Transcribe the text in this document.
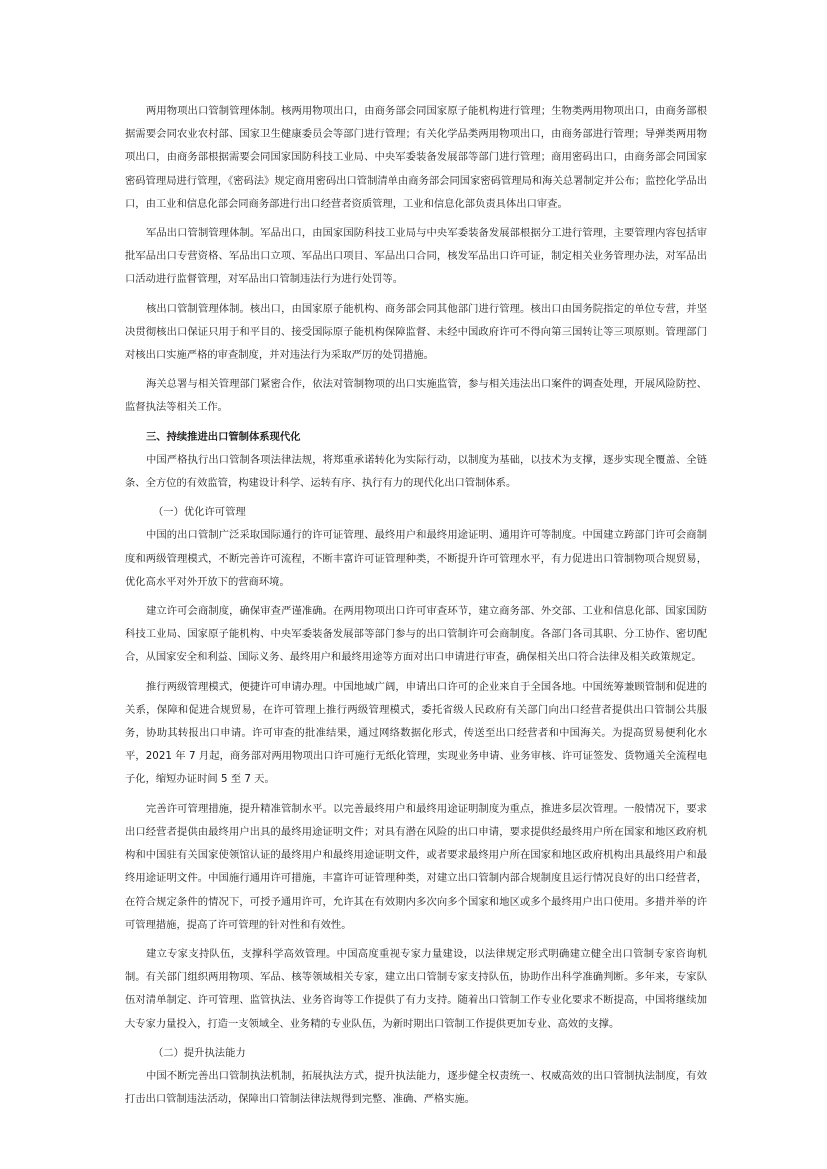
两用物项出口管制管理体制。核两用物项出口，由商务部会同国家原子能机构进行管理；生物类两用物项出口，由商务部根据需要会同农业农村部、国家卫生健康委员会等部门进行管理；有关化学品类两用物项出口，由商务部进行管理；导弹类两用物项出口，由商务部根据需要会同国家国防科技工业局、中央军委装备发展部等部门进行管理；商用密码出口，由商务部会同国家密码管理局进行管理，《密码法》规定商用密码出口管制清单由商务部会同国家密码管理局和海关总署制定并公布；监控化学品出口，由工业和信息化部会同商务部进行出口经营者资质管理，工业和信息化部负责具体出口审查。

军品出口管制管理体制。军品出口，由国家国防科技工业局与中央军委装备发展部根据分工进行管理，主要管理内容包括审批军品出口专营资格、军品出口立项、军品出口项目、军品出口合同，核发军品出口许可证，制定相关业务管理办法，对军品出口活动进行监督管理，对军品出口管制违法行为进行处罚等。

核出口管制管理体制。核出口，由国家原子能机构、商务部会同其他部门进行管理。核出口由国务院指定的单位专营，并坚决贯彻核出口保证只用于和平目的、接受国际原子能机构保障监督、未经中国政府许可不得向第三国转让等三项原则。管理部门对核出口实施严格的审查制度，并对违法行为采取严厉的处罚措施。

海关总署与相关管理部门紧密合作，依法对管制物项的出口实施监管，参与相关违法出口案件的调查处理，开展风险防控、监督执法等相关工作。

三、持续推进出口管制体系现代化

中国严格执行出口管制各项法律法规，将郑重承诺转化为实际行动，以制度为基础，以技术为支撑，逐步实现全覆盖、全链条、全方位的有效监管，构建设计科学、运转有序、执行有力的现代化出口管制体系。

（一）优化许可管理

中国的出口管制广泛采取国际通行的许可证管理、最终用户和最终用途证明、通用许可等制度。中国建立跨部门许可会商制度和两级管理模式，不断完善许可流程，不断丰富许可证管理种类，不断提升许可管理水平，有力促进出口管制物项合规贸易，优化高水平对外开放下的营商环境。

建立许可会商制度，确保审查严谨准确。在两用物项出口许可审查环节，建立商务部、外交部、工业和信息化部、国家国防科技工业局、国家原子能机构、中央军委装备发展部等部门参与的出口管制许可会商制度。各部门各司其职、分工协作、密切配合，从国家安全和利益、国际义务、最终用户和最终用途等方面对出口申请进行审查，确保相关出口符合法律及相关政策规定。

推行两级管理模式，便捷许可申请办理。中国地域广阔，申请出口许可的企业来自于全国各地。中国统筹兼顾管制和促进的关系，保障和促进合规贸易，在许可管理上推行两级管理模式，委托省级人民政府有关部门向出口经营者提供出口管制公共服务，协助其转报出口申请。许可审查的批准结果，通过网络数据化形式，传送至出口经营者和中国海关。为提高贸易便利化水平，2021 年 7 月起，商务部对两用物项出口许可施行无纸化管理，实现业务申请、业务审核、许可证签发、货物通关全流程电子化，缩短办证时间 5 至 7 天。

完善许可管理措施，提升精准管制水平。以完善最终用户和最终用途证明制度为重点，推进多层次管理。一般情况下，要求出口经营者提供由最终用户出具的最终用途证明文件；对具有潜在风险的出口申请，要求提供经最终用户所在国家和地区政府机构和中国驻有关国家使领馆认证的最终用户和最终用途证明文件，或者要求最终用户所在国家和地区政府机构出具最终用户和最终用途证明文件。中国施行通用许可措施，丰富许可证管理种类，对建立出口管制内部合规制度且运行情况良好的出口经营者，在符合规定条件的情况下，可授予通用许可，允许其在有效期内多次向多个国家和地区或多个最终用户出口使用。多措并举的许可管理措施，提高了许可管理的针对性和有效性。

建立专家支持队伍，支撑科学高效管理。中国高度重视专家力量建设，以法律规定形式明确建立健全出口管制专家咨询机制。有关部门组织两用物项、军品、核等领域相关专家，建立出口管制专家支持队伍，协助作出科学准确判断。多年来，专家队伍对清单制定、许可管理、监管执法、业务咨询等工作提供了有力支持。随着出口管制工作专业化要求不断提高，中国将继续加大专家力量投入，打造一支领域全、业务精的专业队伍，为新时期出口管制工作提供更加专业、高效的支撑。

（二）提升执法能力

中国不断完善出口管制执法机制，拓展执法方式，提升执法能力，逐步健全权责统一、权威高效的出口管制执法制度，有效打击出口管制违法活动，保障出口管制法律法规得到完整、准确、严格实施。
